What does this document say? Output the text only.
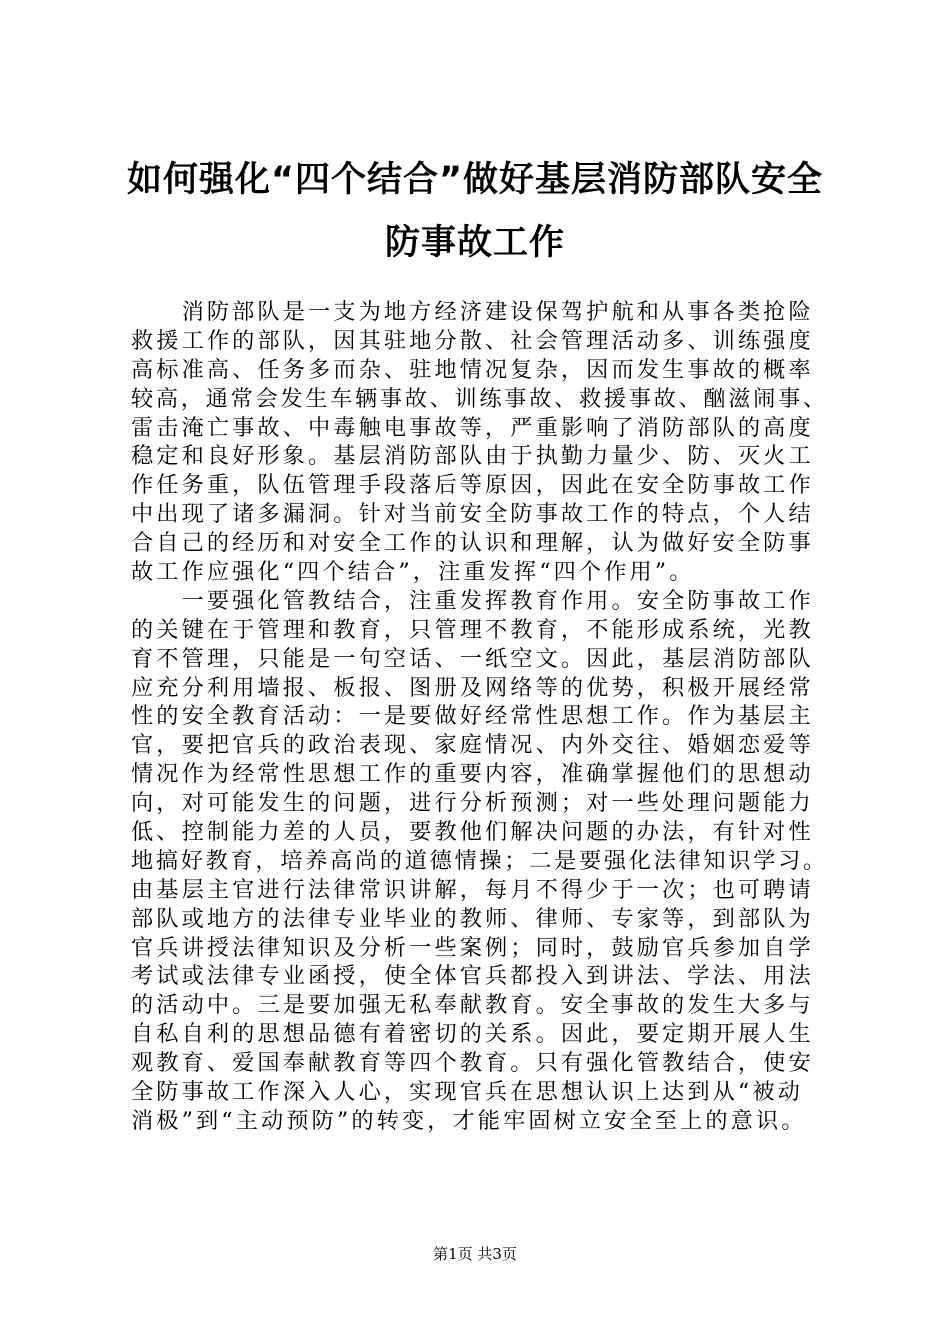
如何强化“四个结合”做好基层消防部队安全
防事故工作
　　消防部队是一支为地方经济建设保驾护航和从事各类抢险
救援工作的部队，因其驻地分散、社会管理活动多、训练强度
高标准高、任务多而杂、驻地情况复杂，因而发生事故的概率
较高，通常会发生车辆事故、训练事故、救援事故、酗滋闹事、
雷击淹亡事故、中毒触电事故等，严重影响了消防部队的高度
稳定和良好形象。基层消防部队由于执勤力量少、防、灭火工
作任务重，队伍管理手段落后等原因，因此在安全防事故工作
中出现了诸多漏洞。针对当前安全防事故工作的特点，个人结
合自己的经历和对安全工作的认识和理解，认为做好安全防事
故工作应强化“四个结合”，注重发挥“四个作用”。
　　一要强化管教结合，注重发挥教育作用。安全防事故工作
的关键在于管理和教育，只管理不教育，不能形成系统，光教
育不管理，只能是一句空话、一纸空文。因此，基层消防部队
应充分利用墙报、板报、图册及网络等的优势，积极开展经常
性的安全教育活动：一是要做好经常性思想工作。作为基层主
官，要把官兵的政治表现、家庭情况、内外交往、婚姻恋爱等
情况作为经常性思想工作的重要内容，准确掌握他们的思想动
向，对可能发生的问题，进行分析预测；对一些处理问题能力
低、控制能力差的人员，要教他们解决问题的办法，有针对性
地搞好教育，培养高尚的道德情操；二是要强化法律知识学习。
由基层主官进行法律常识讲解，每月不得少于一次；也可聘请
部队或地方的法律专业毕业的教师、律师、专家等，到部队为
官兵讲授法律知识及分析一些案例；同时，鼓励官兵参加自学
考试或法律专业函授，使全体官兵都投入到讲法、学法、用法
的活动中。三是要加强无私奉献教育。安全事故的发生大多与
自私自利的思想品德有着密切的关系。因此，要定期开展人生
观教育、爱国奉献教育等四个教育。只有强化管教结合，使安
全防事故工作深入人心，实现官兵在思想认识上达到从“被动
消极”到“主动预防”的转变，才能牢固树立安全至上的意识。
第1页 共3页
